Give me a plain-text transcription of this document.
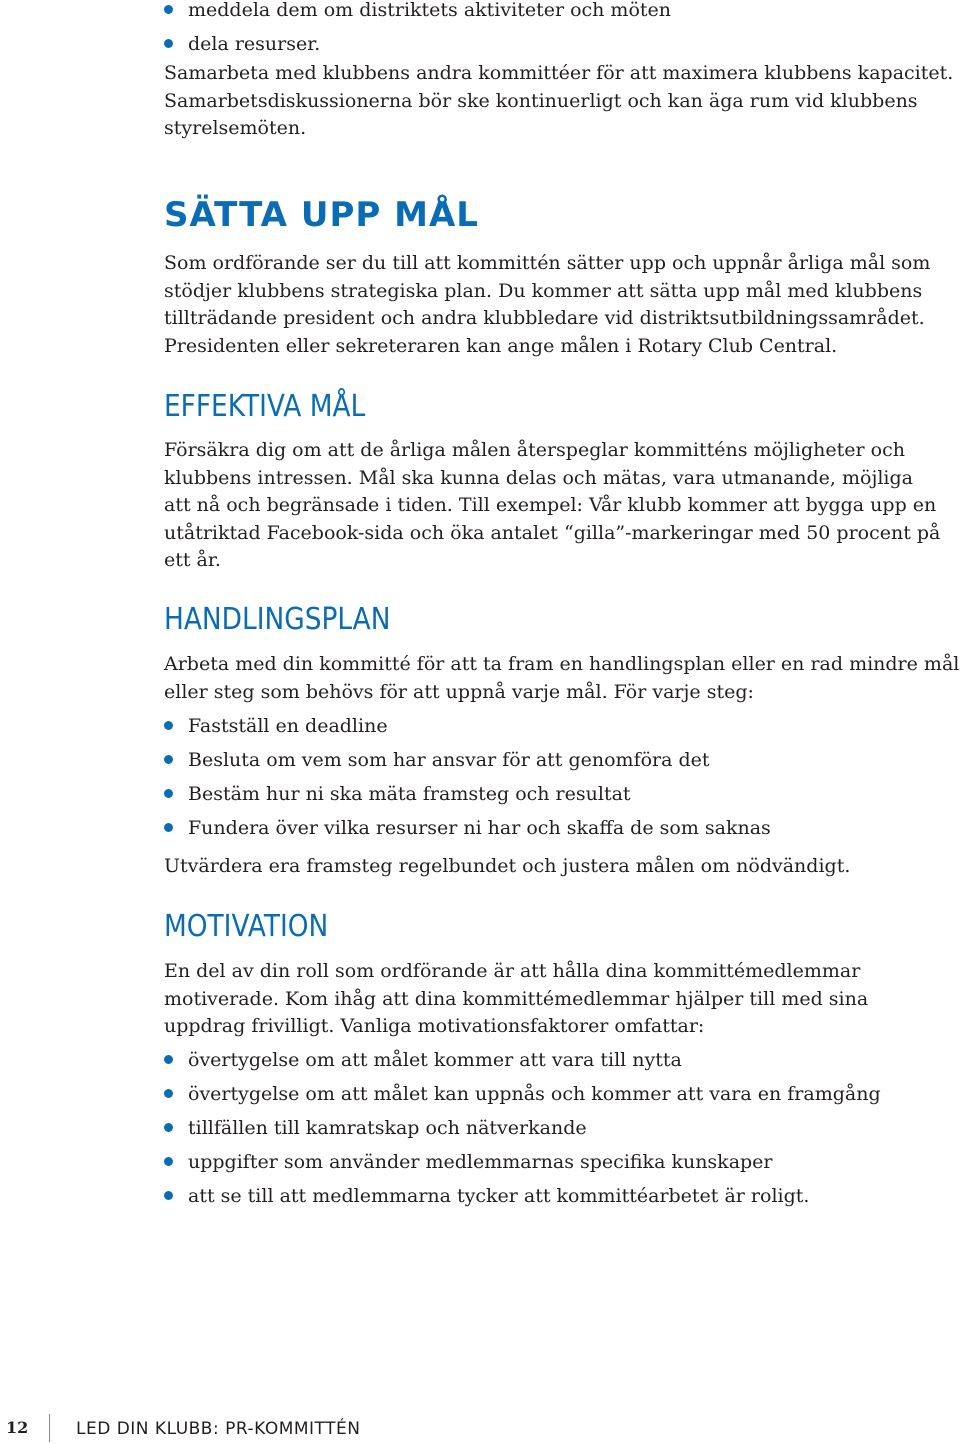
meddela dem om distriktets aktiviteter och möten
dela resurser.

Samarbeta med klubbens andra kommittéer för att maximera klubbens kapacitet.
Samarbetsdiskussionerna bör ske kontinuerligt och kan äga rum vid klubbens
styrelsemöten.

SÄTTA UPP MÅL

Som ordförande ser du till att kommittén sätter upp och uppnår årliga mål som
stödjer klubbens strategiska plan. Du kommer att sätta upp mål med klubbens
tillträdande president och andra klubbledare vid distriktsutbildningssamrådet.
Presidenten eller sekreteraren kan ange målen i Rotary Club Central.

EFFEKTIVA MÅL

Försäkra dig om att de årliga målen återspeglar kommitténs möjligheter och
klubbens intressen. Mål ska kunna delas och mätas, vara utmanande, möjliga
att nå och begränsade i tiden. Till exempel: Vår klubb kommer att bygga upp en
utåtriktad Facebook-sida och öka antalet “gilla”-markeringar med 50 procent på
ett år.

HANDLINGSPLAN

Arbeta med din kommitté för att ta fram en handlingsplan eller en rad mindre mål
eller steg som behövs för att uppnå varje mål. För varje steg:

Fastställ en deadline
Besluta om vem som har ansvar för att genomföra det
Bestäm hur ni ska mäta framsteg och resultat
Fundera över vilka resurser ni har och skaffa de som saknas

Utvärdera era framsteg regelbundet och justera målen om nödvändigt.

MOTIVATION

En del av din roll som ordförande är att hålla dina kommittémedlemmar
motiverade. Kom ihåg att dina kommittémedlemmar hjälper till med sina
uppdrag frivilligt. Vanliga motivationsfaktorer omfattar:

övertygelse om att målet kommer att vara till nytta
övertygelse om att målet kan uppnås och kommer att vara en framgång
tillfällen till kamratskap och nätverkande
uppgifter som använder medlemmarnas specifika kunskaper
att se till att medlemmarna tycker att kommittéarbetet är roligt.
12	LED DIN KLUBB: PR-KOMMITTÉN
